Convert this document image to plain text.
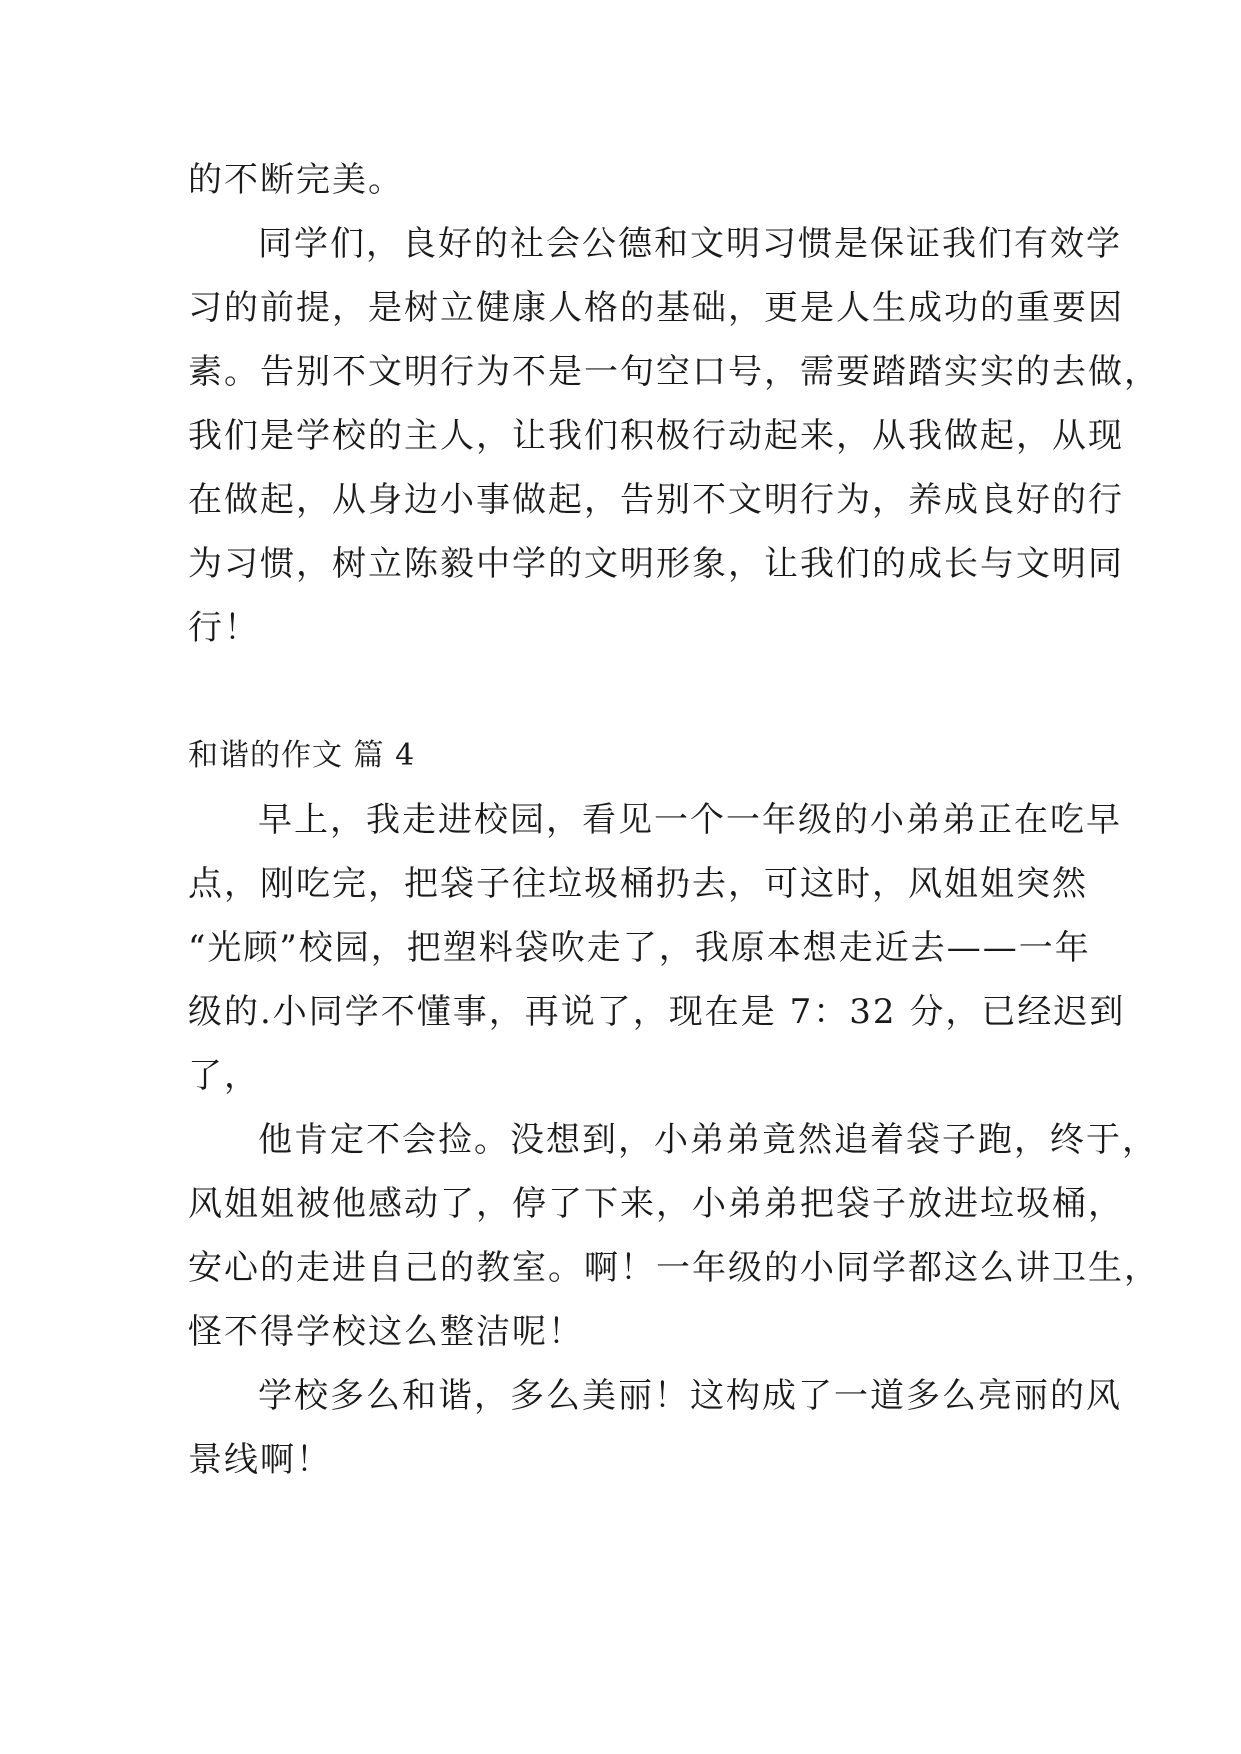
的不断完美。
同学们，良好的社会公德和文明习惯是保证我们有效学
习的前提，是树立健康人格的基础，更是人生成功的重要因
素。告别不文明行为不是一句空口号，需要踏踏实实的去做，
我们是学校的主人，让我们积极行动起来，从我做起，从现
在做起，从身边小事做起，告别不文明行为，养成良好的行
为习惯，树立陈毅中学的文明形象，让我们的成长与文明同
行！
和谐的作文 篇 4
早上，我走进校园，看见一个一年级的小弟弟正在吃早
点，刚吃完，把袋子往垃圾桶扔去，可这时，风姐姐突然
“光顾”校园，把塑料袋吹走了，我原本想走近去——一年
级的.小同学不懂事，再说了，现在是 7：32 分，已经迟到
了，
他肯定不会捡。没想到，小弟弟竟然追着袋子跑，终于，
风姐姐被他感动了，停了下来，小弟弟把袋子放进垃圾桶，
安心的走进自己的教室。啊！一年级的小同学都这么讲卫生，
怪不得学校这么整洁呢！
学校多么和谐，多么美丽！这构成了一道多么亮丽的风
景线啊！
